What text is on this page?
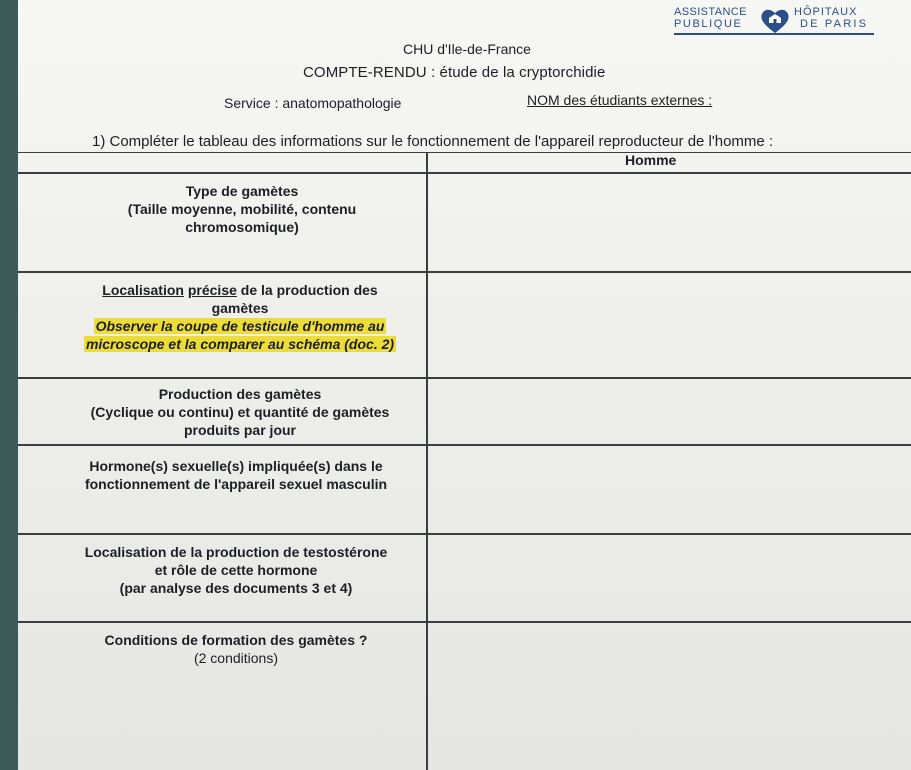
ASSISTANCE
PUBLIQUE
HÔPITAUX
DE PARIS
CHU d'Ile-de-France
COMPTE-RENDU : étude de la cryptorchidie
Service : anatomopathologie	NOM des étudiants externes :
1) Compléter le tableau des informations sur le fonctionnement de l'appareil reproducteur de l'homme :
Homme
Type de gamètes
(Taille moyenne, mobilité, contenu
chromosomique)
Localisation précise de la production des
gamètes
Observer la coupe de testicule d'homme au
microscope et la comparer au schéma (doc. 2)
Production des gamètes
(Cyclique ou continu) et quantité de gamètes
produits par jour
Hormone(s) sexuelle(s) impliquée(s) dans le
fonctionnement de l'appareil sexuel masculin
Localisation de la production de testostérone
et rôle de cette hormone
(par analyse des documents 3 et 4)
Conditions de formation des gamètes ?
(2 conditions)
